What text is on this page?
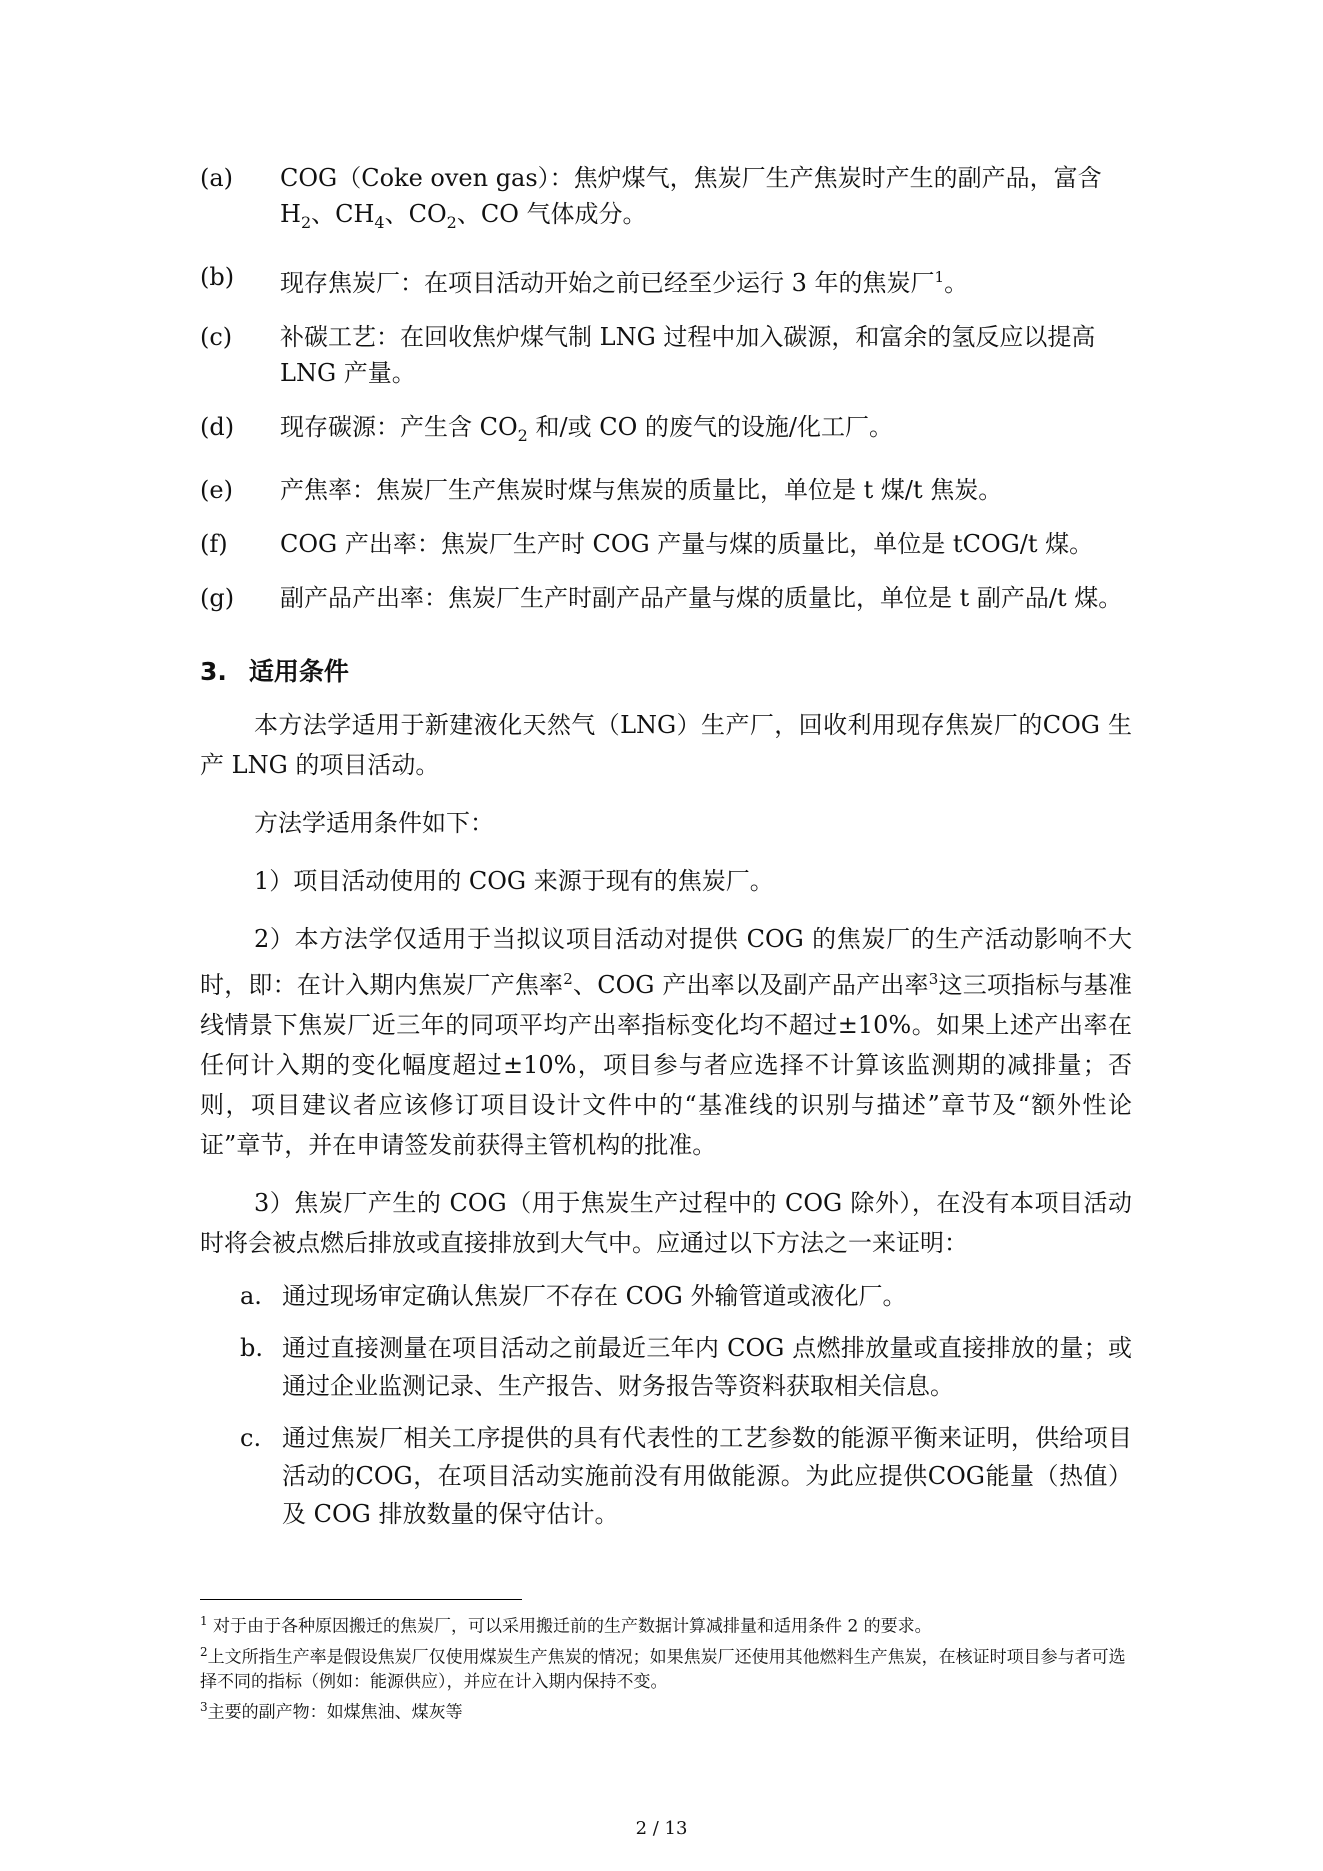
(a) COG（Coke oven gas）：焦炉煤气，焦炭厂生产焦炭时产生的副产品，富含 $H_2$、$CH_4$、$CO_2$、CO 气体成分。
(b) 现存焦炭厂：在项目活动开始之前已经至少运行 3 年的焦炭厂$^1$。
(c) 补碳工艺：在回收焦炉煤气制 LNG 过程中加入碳源，和富余的氢反应以提高 LNG 产量。
(d) 现存碳源：产生含 $CO_2$ 和/或 CO 的废气的设施/化工厂。
(e) 产焦率：焦炭厂生产焦炭时煤与焦炭的质量比，单位是 t 煤/t 焦炭。
(f) COG 产出率：焦炭厂生产时 COG 产量与煤的质量比，单位是 tCOG/t 煤。
(g) 副产品产出率：焦炭厂生产时副产品产量与煤的质量比，单位是 t 副产品/t 煤。
3. 适用条件

本方法学适用于新建液化天然气（LNG）生产厂，回收利用现存焦炭厂的COG 生产 LNG 的项目活动。

方法学适用条件如下：

1）项目活动使用的 COG 来源于现有的焦炭厂。

2）本方法学仅适用于当拟议项目活动对提供 COG 的焦炭厂的生产活动影响不大时，即：在计入期内焦炭厂产焦率$^2$、COG 产出率以及副产品产出率$^3$这三项指标与基准线情景下焦炭厂近三年的同项平均产出率指标变化均不超过±10%。如果上述产出率在任何计入期的变化幅度超过±10%，项目参与者应选择不计算该监测期的减排量；否则，项目建议者应该修订项目设计文件中的“基准线的识别与描述”章节及“额外性论证”章节，并在申请签发前获得主管机构的批准。

3）焦炭厂产生的 COG（用于焦炭生产过程中的 COG 除外），在没有本项目活动时将会被点燃后排放或直接排放到大气中。应通过以下方法之一来证明：

a. 通过现场审定确认焦炭厂不存在 COG 外输管道或液化厂。
b. 通过直接测量在项目活动之前最近三年内 COG 点燃排放量或直接排放的量；或通过企业监测记录、生产报告、财务报告等资料获取相关信息。
c. 通过焦炭厂相关工序提供的具有代表性的工艺参数的能源平衡来证明，供给项目活动的COG，在项目活动实施前没有用做能源。为此应提供COG能量（热值）及 COG 排放数量的保守估计。

$^1$ 对于由于各种原因搬迁的焦炭厂，可以采用搬迁前的生产数据计算减排量和适用条件 2 的要求。

$^2$上文所指生产率是假设焦炭厂仅使用煤炭生产焦炭的情况；如果焦炭厂还使用其他燃料生产焦炭，在核证时项目参与者可选择不同的指标（例如：能源供应），并应在计入期内保持不变。

$^3$主要的副产物：如煤焦油、煤灰等

2 / 13
